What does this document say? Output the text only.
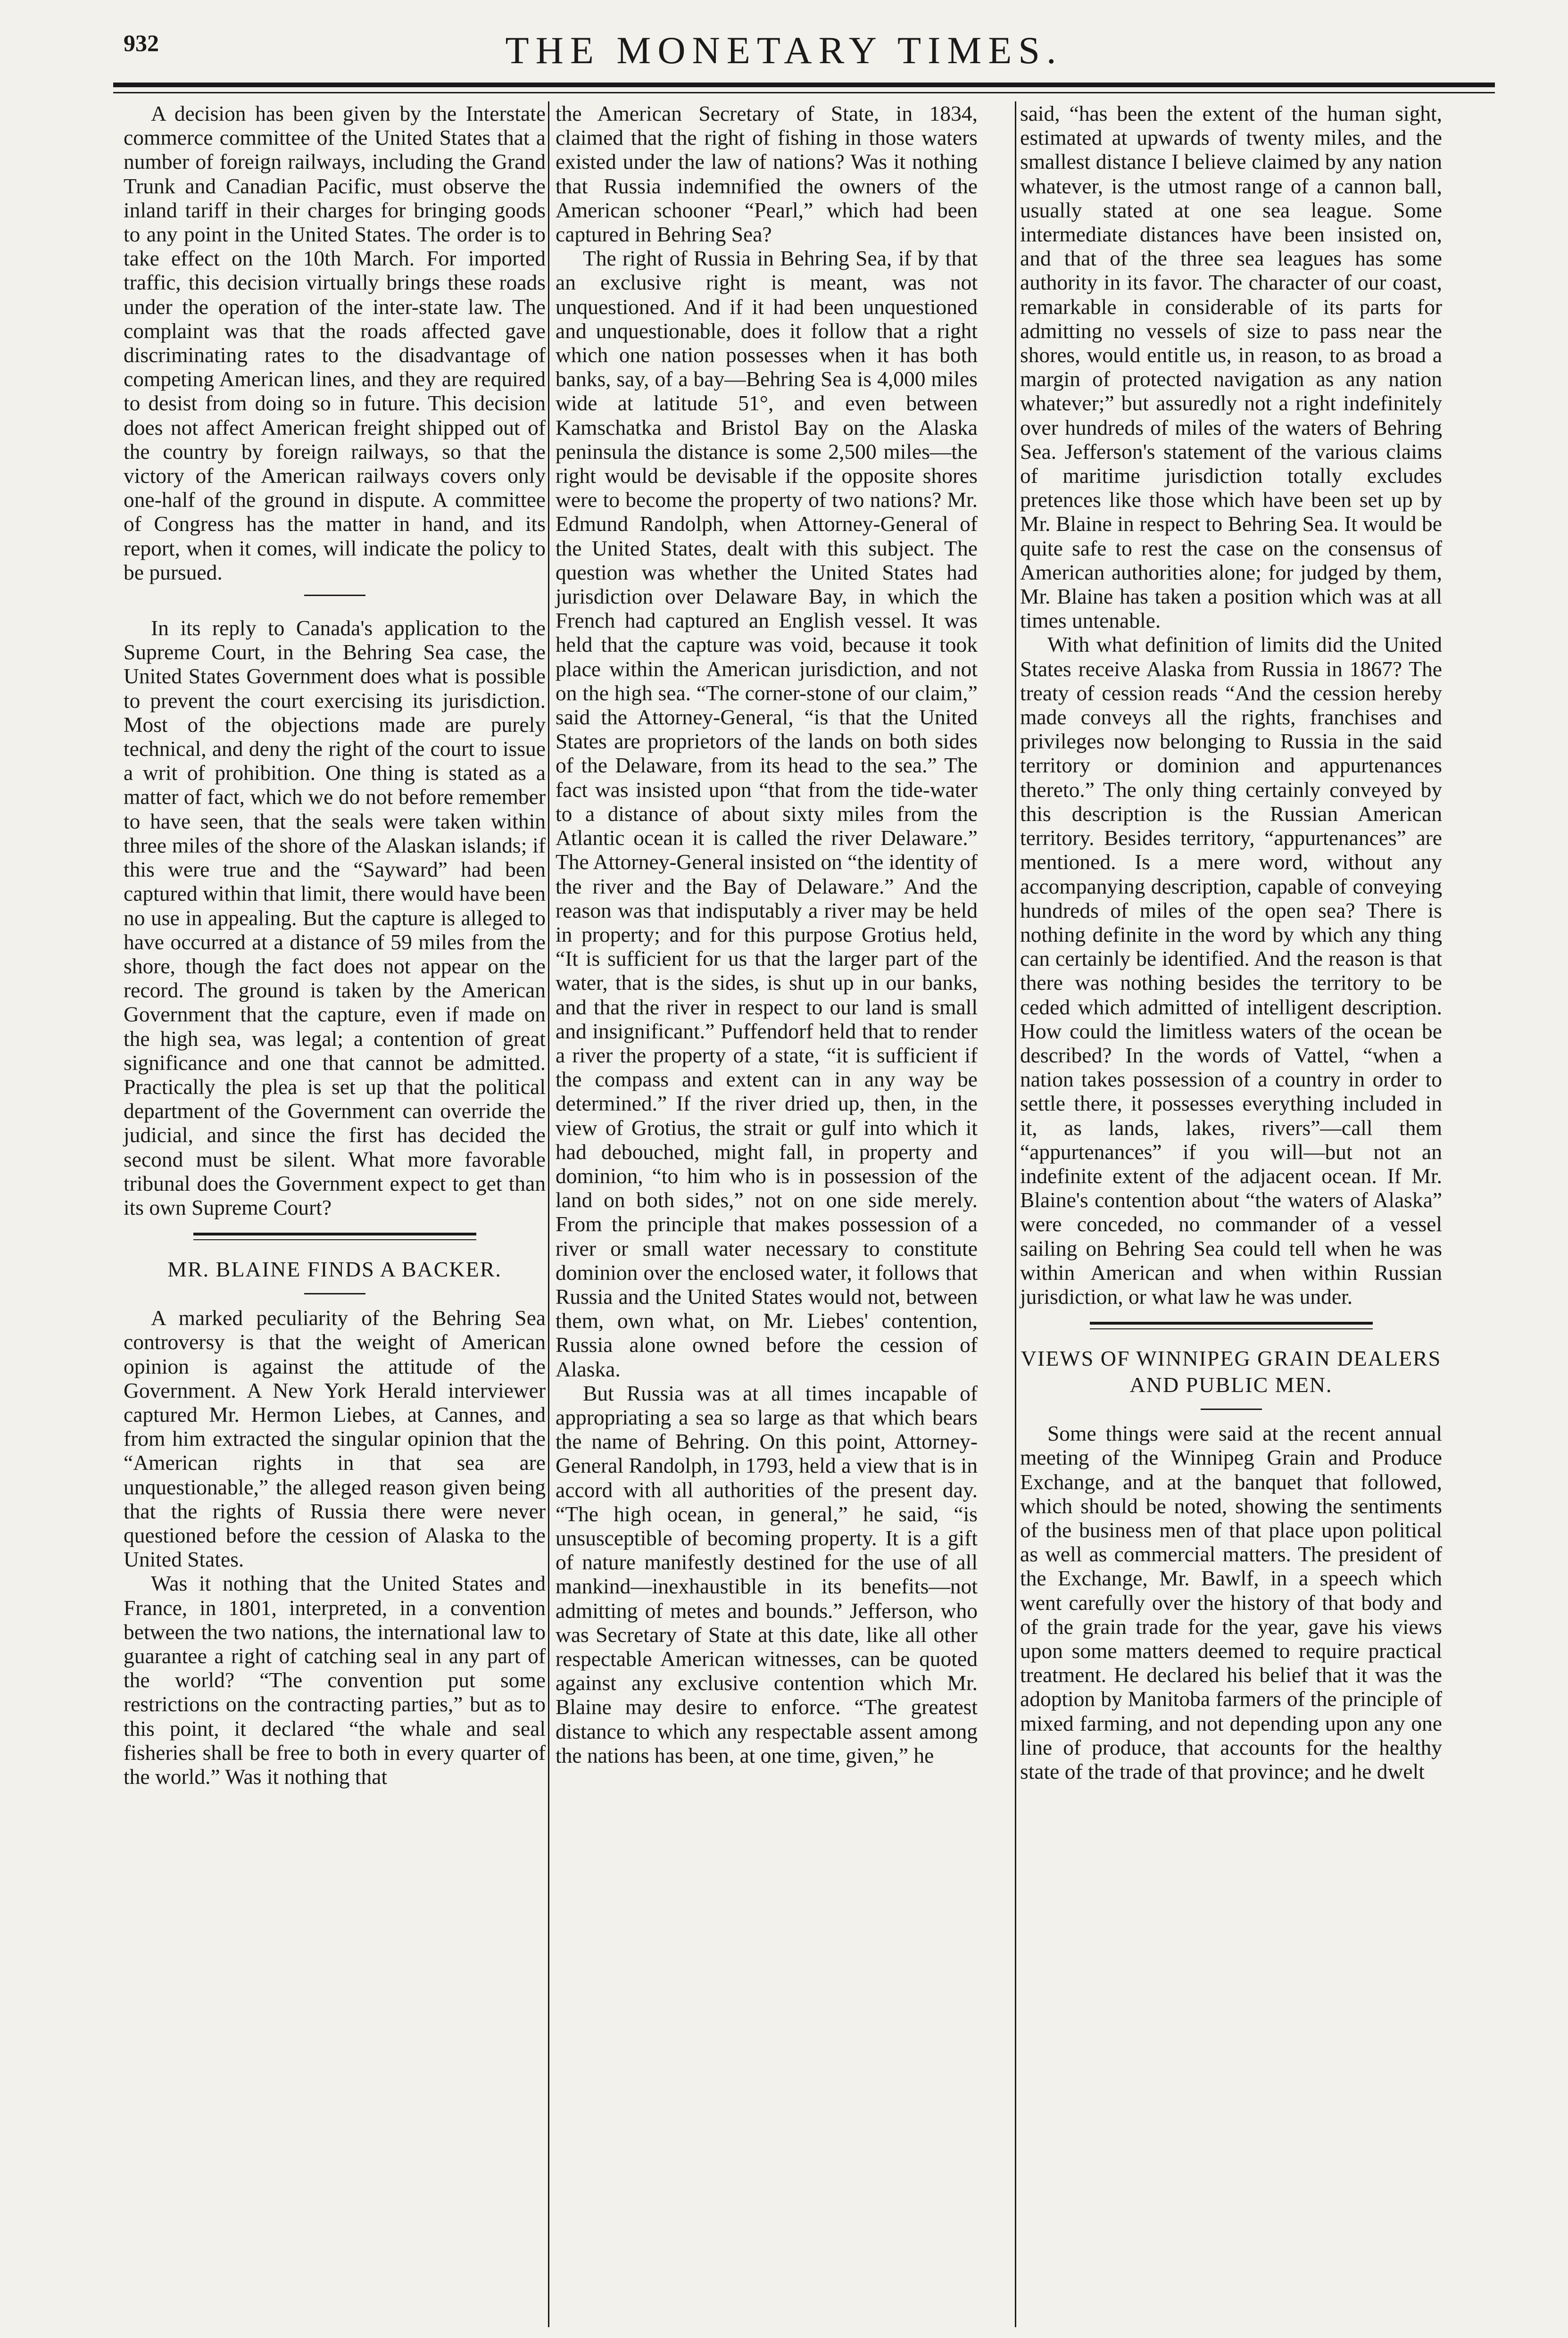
932	THE MONETARY TIMES.

A decision has been given by the Interstate commerce committee of the United States that a number of foreign railways, including the Grand Trunk and Canadian Pacific, must observe the inland tariff in their charges for bringing goods to any point in the United States. The order is to take effect on the 10th March. For imported traffic, this decision virtually brings these roads under the operation of the inter-state law. The complaint was that the roads affected gave discriminating rates to the disadvantage of competing American lines, and they are required to desist from doing so in future. This decision does not affect American freight shipped out of the country by foreign railways, so that the victory of the American railways covers only one-half of the ground in dispute. A committee of Congress has the matter in hand, and its report, when it comes, will indicate the policy to be pursued.

In its reply to Canada's application to the Supreme Court, in the Behring Sea case, the United States Government does what is possible to prevent the court exercising its jurisdiction. Most of the objections made are purely technical, and deny the right of the court to issue a writ of prohibition. One thing is stated as a matter of fact, which we do not before remember to have seen, that the seals were taken within three miles of the shore of the Alaskan islands; if this were true and the “Sayward” had been captured within that limit, there would have been no use in appealing. But the capture is alleged to have occurred at a distance of 59 miles from the shore, though the fact does not appear on the record. The ground is taken by the American Government that the capture, even if made on the high sea, was legal; a contention of great significance and one that cannot be admitted. Practically the plea is set up that the political department of the Government can override the judicial, and since the first has decided the second must be silent. What more favorable tribunal does the Government expect to get than its own Supreme Court?

MR. BLAINE FINDS A BACKER.

A marked peculiarity of the Behring Sea controversy is that the weight of American opinion is against the attitude of the Government. A New York Herald interviewer captured Mr. Hermon Liebes, at Cannes, and from him extracted the singular opinion that the “American rights in that sea are unquestionable,” the alleged reason given being that the rights of Russia there were never questioned before the cession of Alaska to the United States.

Was it nothing that the United States and France, in 1801, interpreted, in a convention between the two nations, the international law to guarantee a right of catching seal in any part of the world? “The convention put some restrictions on the contracting parties,” but as to this point, it declared “the whale and seal fisheries shall be free to both in every quarter of the world.” Was it nothing that

the American Secretary of State, in 1834, claimed that the right of fishing in those waters existed under the law of nations? Was it nothing that Russia indemnified the owners of the American schooner “Pearl,” which had been captured in Behring Sea?

The right of Russia in Behring Sea, if by that an exclusive right is meant, was not unquestioned. And if it had been unquestioned and unquestionable, does it follow that a right which one nation possesses when it has both banks, say, of a bay—Behring Sea is 4,000 miles wide at latitude 51°, and even between Kamschatka and Bristol Bay on the Alaska peninsula the distance is some 2,500 miles—the right would be devisable if the opposite shores were to become the property of two nations? Mr. Edmund Randolph, when Attorney-General of the United States, dealt with this subject. The question was whether the United States had jurisdiction over Delaware Bay, in which the French had captured an English vessel. It was held that the capture was void, because it took place within the American jurisdiction, and not on the high sea. “The corner-stone of our claim,” said the Attorney-General, “is that the United States are proprietors of the lands on both sides of the Delaware, from its head to the sea.” The fact was insisted upon “that from the tide-water to a distance of about sixty miles from the Atlantic ocean it is called the river Delaware.” The Attorney-General insisted on “the identity of the river and the Bay of Delaware.” And the reason was that indisputably a river may be held in property; and for this purpose Grotius held, “It is sufficient for us that the larger part of the water, that is the sides, is shut up in our banks, and that the river in respect to our land is small and insignificant.” Puffendorf held that to render a river the property of a state, “it is sufficient if the compass and extent can in any way be determined.” If the river dried up, then, in the view of Grotius, the strait or gulf into which it had debouched, might fall, in property and dominion, “to him who is in possession of the land on both sides,” not on one side merely. From the principle that makes possession of a river or small water necessary to constitute dominion over the enclosed water, it follows that Russia and the United States would not, between them, own what, on Mr. Liebes' contention, Russia alone owned before the cession of Alaska.

But Russia was at all times incapable of appropriating a sea so large as that which bears the name of Behring. On this point, Attorney-General Randolph, in 1793, held a view that is in accord with all authorities of the present day. “The high ocean, in general,” he said, “is unsusceptible of becoming property. It is a gift of nature manifestly destined for the use of all mankind—inexhaustible in its benefits—not admitting of metes and bounds.” Jefferson, who was Secretary of State at this date, like all other respectable American witnesses, can be quoted against any exclusive contention which Mr. Blaine may desire to enforce. “The greatest distance to which any respectable assent among the nations has been, at one time, given,” he

said, “has been the extent of the human sight, estimated at upwards of twenty miles, and the smallest distance I believe claimed by any nation whatever, is the utmost range of a cannon ball, usually stated at one sea league. Some intermediate distances have been insisted on, and that of the three sea leagues has some authority in its favor. The character of our coast, remarkable in considerable of its parts for admitting no vessels of size to pass near the shores, would entitle us, in reason, to as broad a margin of protected navigation as any nation whatever;” but assuredly not a right indefinitely over hundreds of miles of the waters of Behring Sea. Jefferson's statement of the various claims of maritime jurisdiction totally excludes pretences like those which have been set up by Mr. Blaine in respect to Behring Sea. It would be quite safe to rest the case on the consensus of American authorities alone; for judged by them, Mr. Blaine has taken a position which was at all times untenable.

With what definition of limits did the United States receive Alaska from Russia in 1867? The treaty of cession reads “And the cession hereby made conveys all the rights, franchises and privileges now belonging to Russia in the said territory or dominion and appurtenances thereto.” The only thing certainly conveyed by this description is the Russian American territory. Besides territory, “appurtenances” are mentioned. Is a mere word, without any accompanying description, capable of conveying hundreds of miles of the open sea? There is nothing definite in the word by which any thing can certainly be identified. And the reason is that there was nothing besides the territory to be ceded which admitted of intelligent description. How could the limitless waters of the ocean be described? In the words of Vattel, “when a nation takes possession of a country in order to settle there, it possesses everything included in it, as lands, lakes, rivers”—call them “appurtenances” if you will—but not an indefinite extent of the adjacent ocean. If Mr. Blaine's contention about “the waters of Alaska” were conceded, no commander of a vessel sailing on Behring Sea could tell when he was within American and when within Russian jurisdiction, or what law he was under.

VIEWS OF WINNIPEG GRAIN DEALERS AND PUBLIC MEN.

Some things were said at the recent annual meeting of the Winnipeg Grain and Produce Exchange, and at the banquet that followed, which should be noted, showing the sentiments of the business men of that place upon political as well as commercial matters. The president of the Exchange, Mr. Bawlf, in a speech which went carefully over the history of that body and of the grain trade for the year, gave his views upon some matters deemed to require practical treatment. He declared his belief that it was the adoption by Manitoba farmers of the principle of mixed farming, and not depending upon any one line of produce, that accounts for the healthy state of the trade of that province; and he dwelt
